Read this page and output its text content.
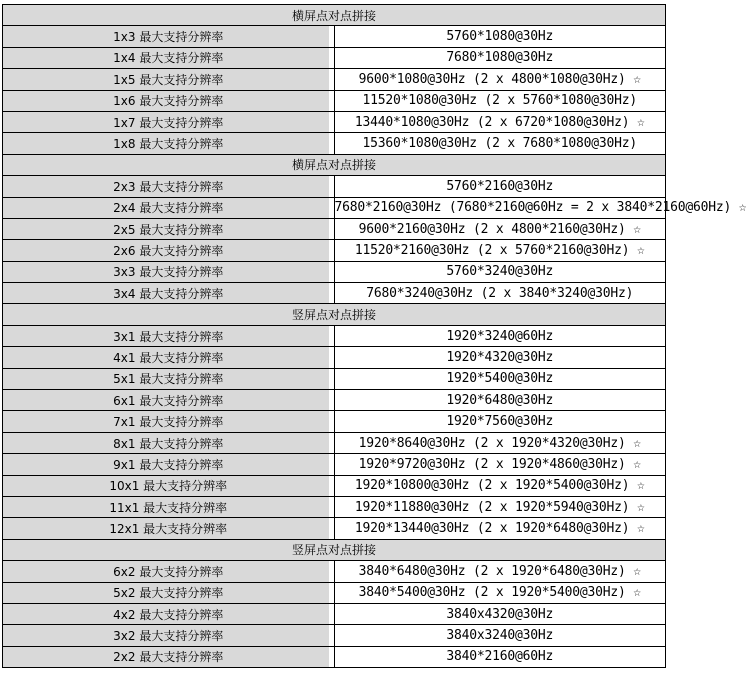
横屏点对点拼接	
1x3 最大支持分辨率	5760*1080@30Hz
1x4 最大支持分辨率	7680*1080@30Hz
1x5 最大支持分辨率	9600*1080@30Hz (2 x 4800*1080@30Hz) ☆
1x6 最大支持分辨率	11520*1080@30Hz (2 x 5760*1080@30Hz)
1x7 最大支持分辨率	13440*1080@30Hz (2 x 6720*1080@30Hz) ☆
1x8 最大支持分辨率	15360*1080@30Hz (2 x 7680*1080@30Hz)
横屏点对点拼接	
2x3 最大支持分辨率	5760*2160@30Hz
2x4 最大支持分辨率	7680*2160@30Hz (7680*2160@60Hz = 2 x 3840*2160@60Hz) ☆
2x5 最大支持分辨率	9600*2160@30Hz (2 x 4800*2160@30Hz) ☆
2x6 最大支持分辨率	11520*2160@30Hz (2 x 5760*2160@30Hz) ☆
3x3 最大支持分辨率	5760*3240@30Hz
3x4 最大支持分辨率	7680*3240@30Hz (2 x 3840*3240@30Hz)
竖屏点对点拼接	
3x1 最大支持分辨率	1920*3240@60Hz
4x1 最大支持分辨率	1920*4320@30Hz
5x1 最大支持分辨率	1920*5400@30Hz
6x1 最大支持分辨率	1920*6480@30Hz
7x1 最大支持分辨率	1920*7560@30Hz
8x1 最大支持分辨率	1920*8640@30Hz (2 x 1920*4320@30Hz) ☆
9x1 最大支持分辨率	1920*9720@30Hz (2 x 1920*4860@30Hz) ☆
10x1 最大支持分辨率	1920*10800@30Hz (2 x 1920*5400@30Hz) ☆
11x1 最大支持分辨率	1920*11880@30Hz (2 x 1920*5940@30Hz) ☆
12x1 最大支持分辨率	1920*13440@30Hz (2 x 1920*6480@30Hz) ☆
竖屏点对点拼接	
6x2 最大支持分辨率	3840*6480@30Hz (2 x 1920*6480@30Hz) ☆
5x2 最大支持分辨率	3840*5400@30Hz (2 x 1920*5400@30Hz) ☆
4x2 最大支持分辨率	3840x4320@30Hz
3x2 最大支持分辨率	3840x3240@30Hz
2x2 最大支持分辨率	3840*2160@60Hz
